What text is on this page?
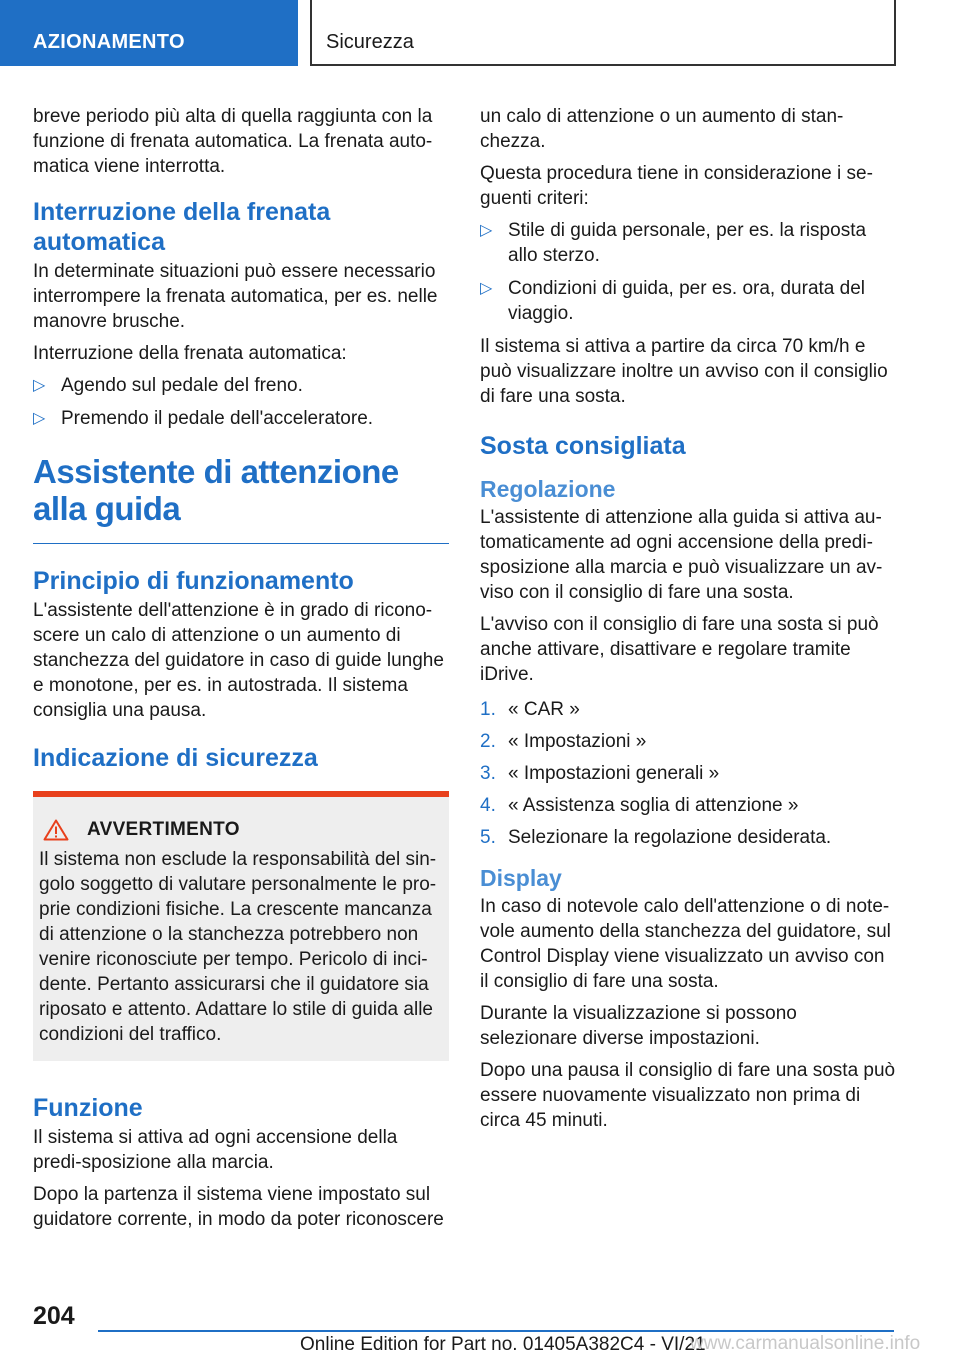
AZIONAMENTO	Sicurezza

breve periodo più alta di quella raggiunta con la funzione di frenata automatica. La frenata auto-matica viene interrotta.

Interruzione della frenata automatica

In determinate situazioni può essere necessario interrompere la frenata automatica, per es. nelle manovre brusche.

Interruzione della frenata automatica:

▷ Agendo sul pedale del freno.
▷ Premendo il pedale dell'acceleratore.
Assistente di attenzione alla guida
Principio di funzionamento

L'assistente dell'attenzione è in grado di ricono-scere un calo di attenzione o un aumento di stanchezza del guidatore in caso di guide lunghe e monotone, per es. in autostrada. Il sistema consiglia una pausa.

Indicazione di sicurezza
AVVERTIMENTO

Il sistema non esclude la responsabilità del sin-golo soggetto di valutare personalmente le pro-prie condizioni fisiche. La crescente mancanza di attenzione o la stanchezza potrebbero non venire riconosciute per tempo. Pericolo di inci-dente. Pertanto assicurarsi che il guidatore sia riposato e attento. Adattare lo stile di guida alle condizioni del traffico.

Funzione

Il sistema si attiva ad ogni accensione della predi-sposizione alla marcia.

Dopo la partenza il sistema viene impostato sul guidatore corrente, in modo da poter riconoscere

un calo di attenzione o un aumento di stan-chezza.

Questa procedura tiene in considerazione i se-guenti criteri:

▷ Stile di guida personale, per es. la risposta allo sterzo.
▷ Condizioni di guida, per es. ora, durata del viaggio.

Il sistema si attiva a partire da circa 70 km/h e può visualizzare inoltre un avviso con il consiglio di fare una sosta.

Sosta consigliata
Regolazione

L'assistente di attenzione alla guida si attiva au-tomaticamente ad ogni accensione della predi-sposizione alla marcia e può visualizzare un av-viso con il consiglio di fare una sosta.

L'avviso con il consiglio di fare una sosta si può anche attivare, disattivare e regolare tramite iDrive.

1. « CAR »
2. « Impostazioni »
3. « Impostazioni generali »
4. « Assistenza soglia di attenzione »
5. Selezionare la regolazione desiderata.
Display

In caso di notevole calo dell'attenzione o di note-vole aumento della stanchezza del guidatore, sul Control Display viene visualizzato un avviso con il consiglio di fare una sosta.

Durante la visualizzazione si possono selezionare diverse impostazioni.

Dopo una pausa il consiglio di fare una sosta può essere nuovamente visualizzato non prima di circa 45 minuti.

204
Online Edition for Part no. 01405A382C4 - VI/21
www.carmanualsonline.info
